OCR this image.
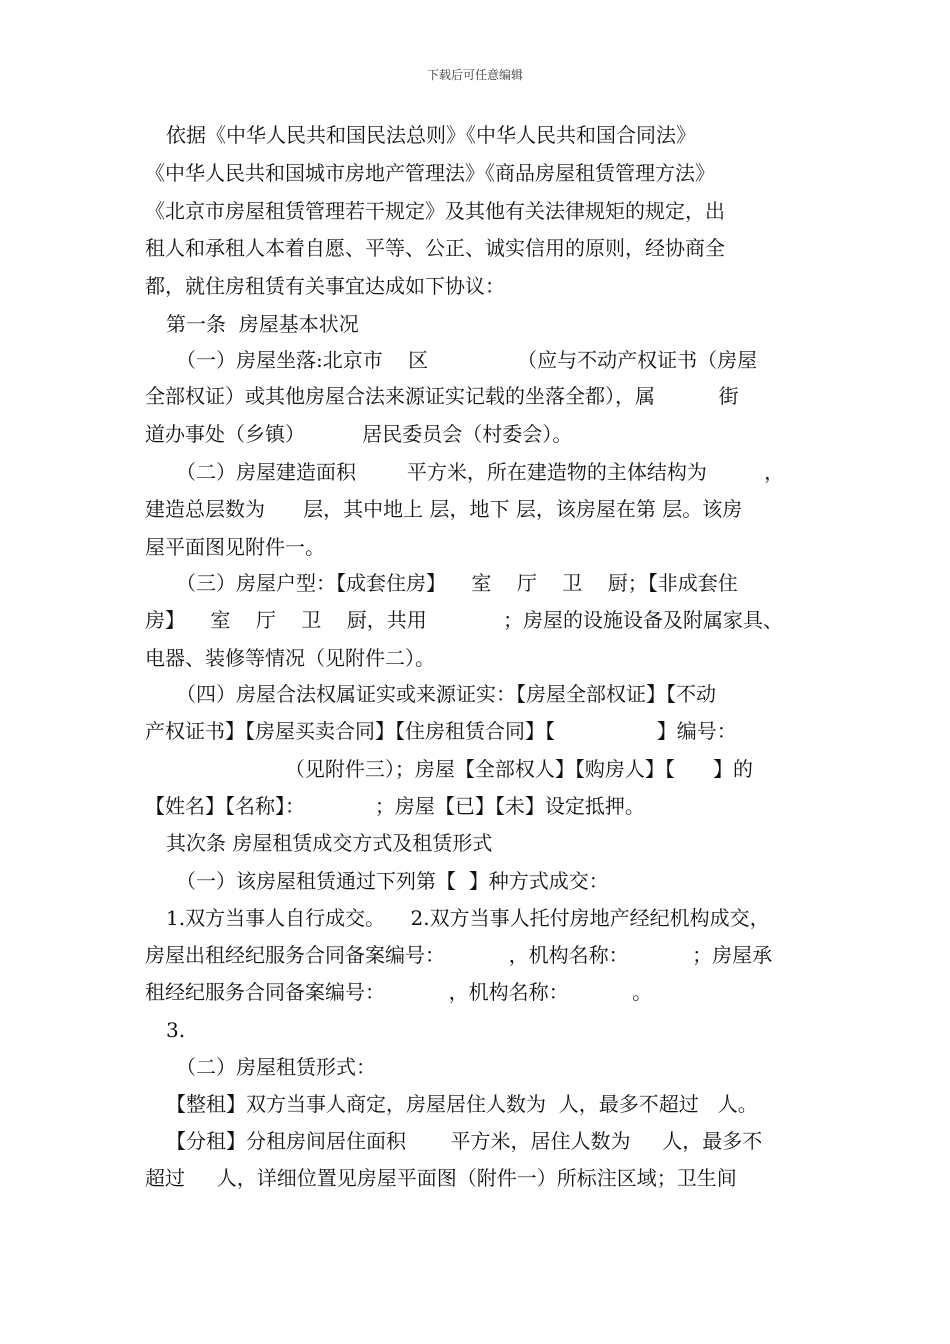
下载后可任意编辑
依据《中华人民共和国民法总则》《中华人民共和国合同法》
《中华人民共和国城市房地产管理法》《商品房屋租赁管理方法》
《北京市房屋租赁管理若干规定》及其他有关法律规矩的规定，出
租人和承租人本着自愿、平等、公正、诚实信用的原则，经协商全
都，就住房租赁有关事宜达成如下协议：
第一条  房屋基本状况
（一）房屋坐落:北京市    区              （应与不动产权证书（房屋
全部权证）或其他房屋合法来源证实记载的坐落全都），属          街
道办事处（乡镇）         居民委员会（村委会）。
（二）房屋建造面积        平方米，所在建造物的主体结构为         ，
建造总层数为      层，其中地上 层，地下 层，该房屋在第 层。该房
屋平面图见附件一。
（三）房屋户型：【成套住房】    室    厅    卫    厨；【非成套住
房】    室    厅    卫    厨，共用            ；房屋的设施设备及附属家具、
电器、装修等情况（见附件二）。
（四）房屋合法权属证实或来源证实：【房屋全部权证】【不动
产权证书】【房屋买卖合同】【住房租赁合同】【                】编号：
（见附件三）；房屋【全部权人】【购房人】【      】的
【姓名】【名称】：           ；房屋【已】【未】设定抵押。
其次条 房屋租赁成交方式及租赁形式
（一）该房屋租赁通过下列第【  】种方式成交：
1.双方当事人自行成交。    2.双方当事人托付房地产经纪机构成交，
房屋出租经纪服务合同备案编号：          ，机构名称：          ；房屋承
租经纪服务合同备案编号：          ，机构名称：          。
3.
（二）房屋租赁形式：
【整租】双方当事人商定，房屋居住人数为  人，最多不超过   人。
【分租】分租房间居住面积       平方米，居住人数为     人，最多不
超过     人，详细位置见房屋平面图（附件一）所标注区域；卫生间
